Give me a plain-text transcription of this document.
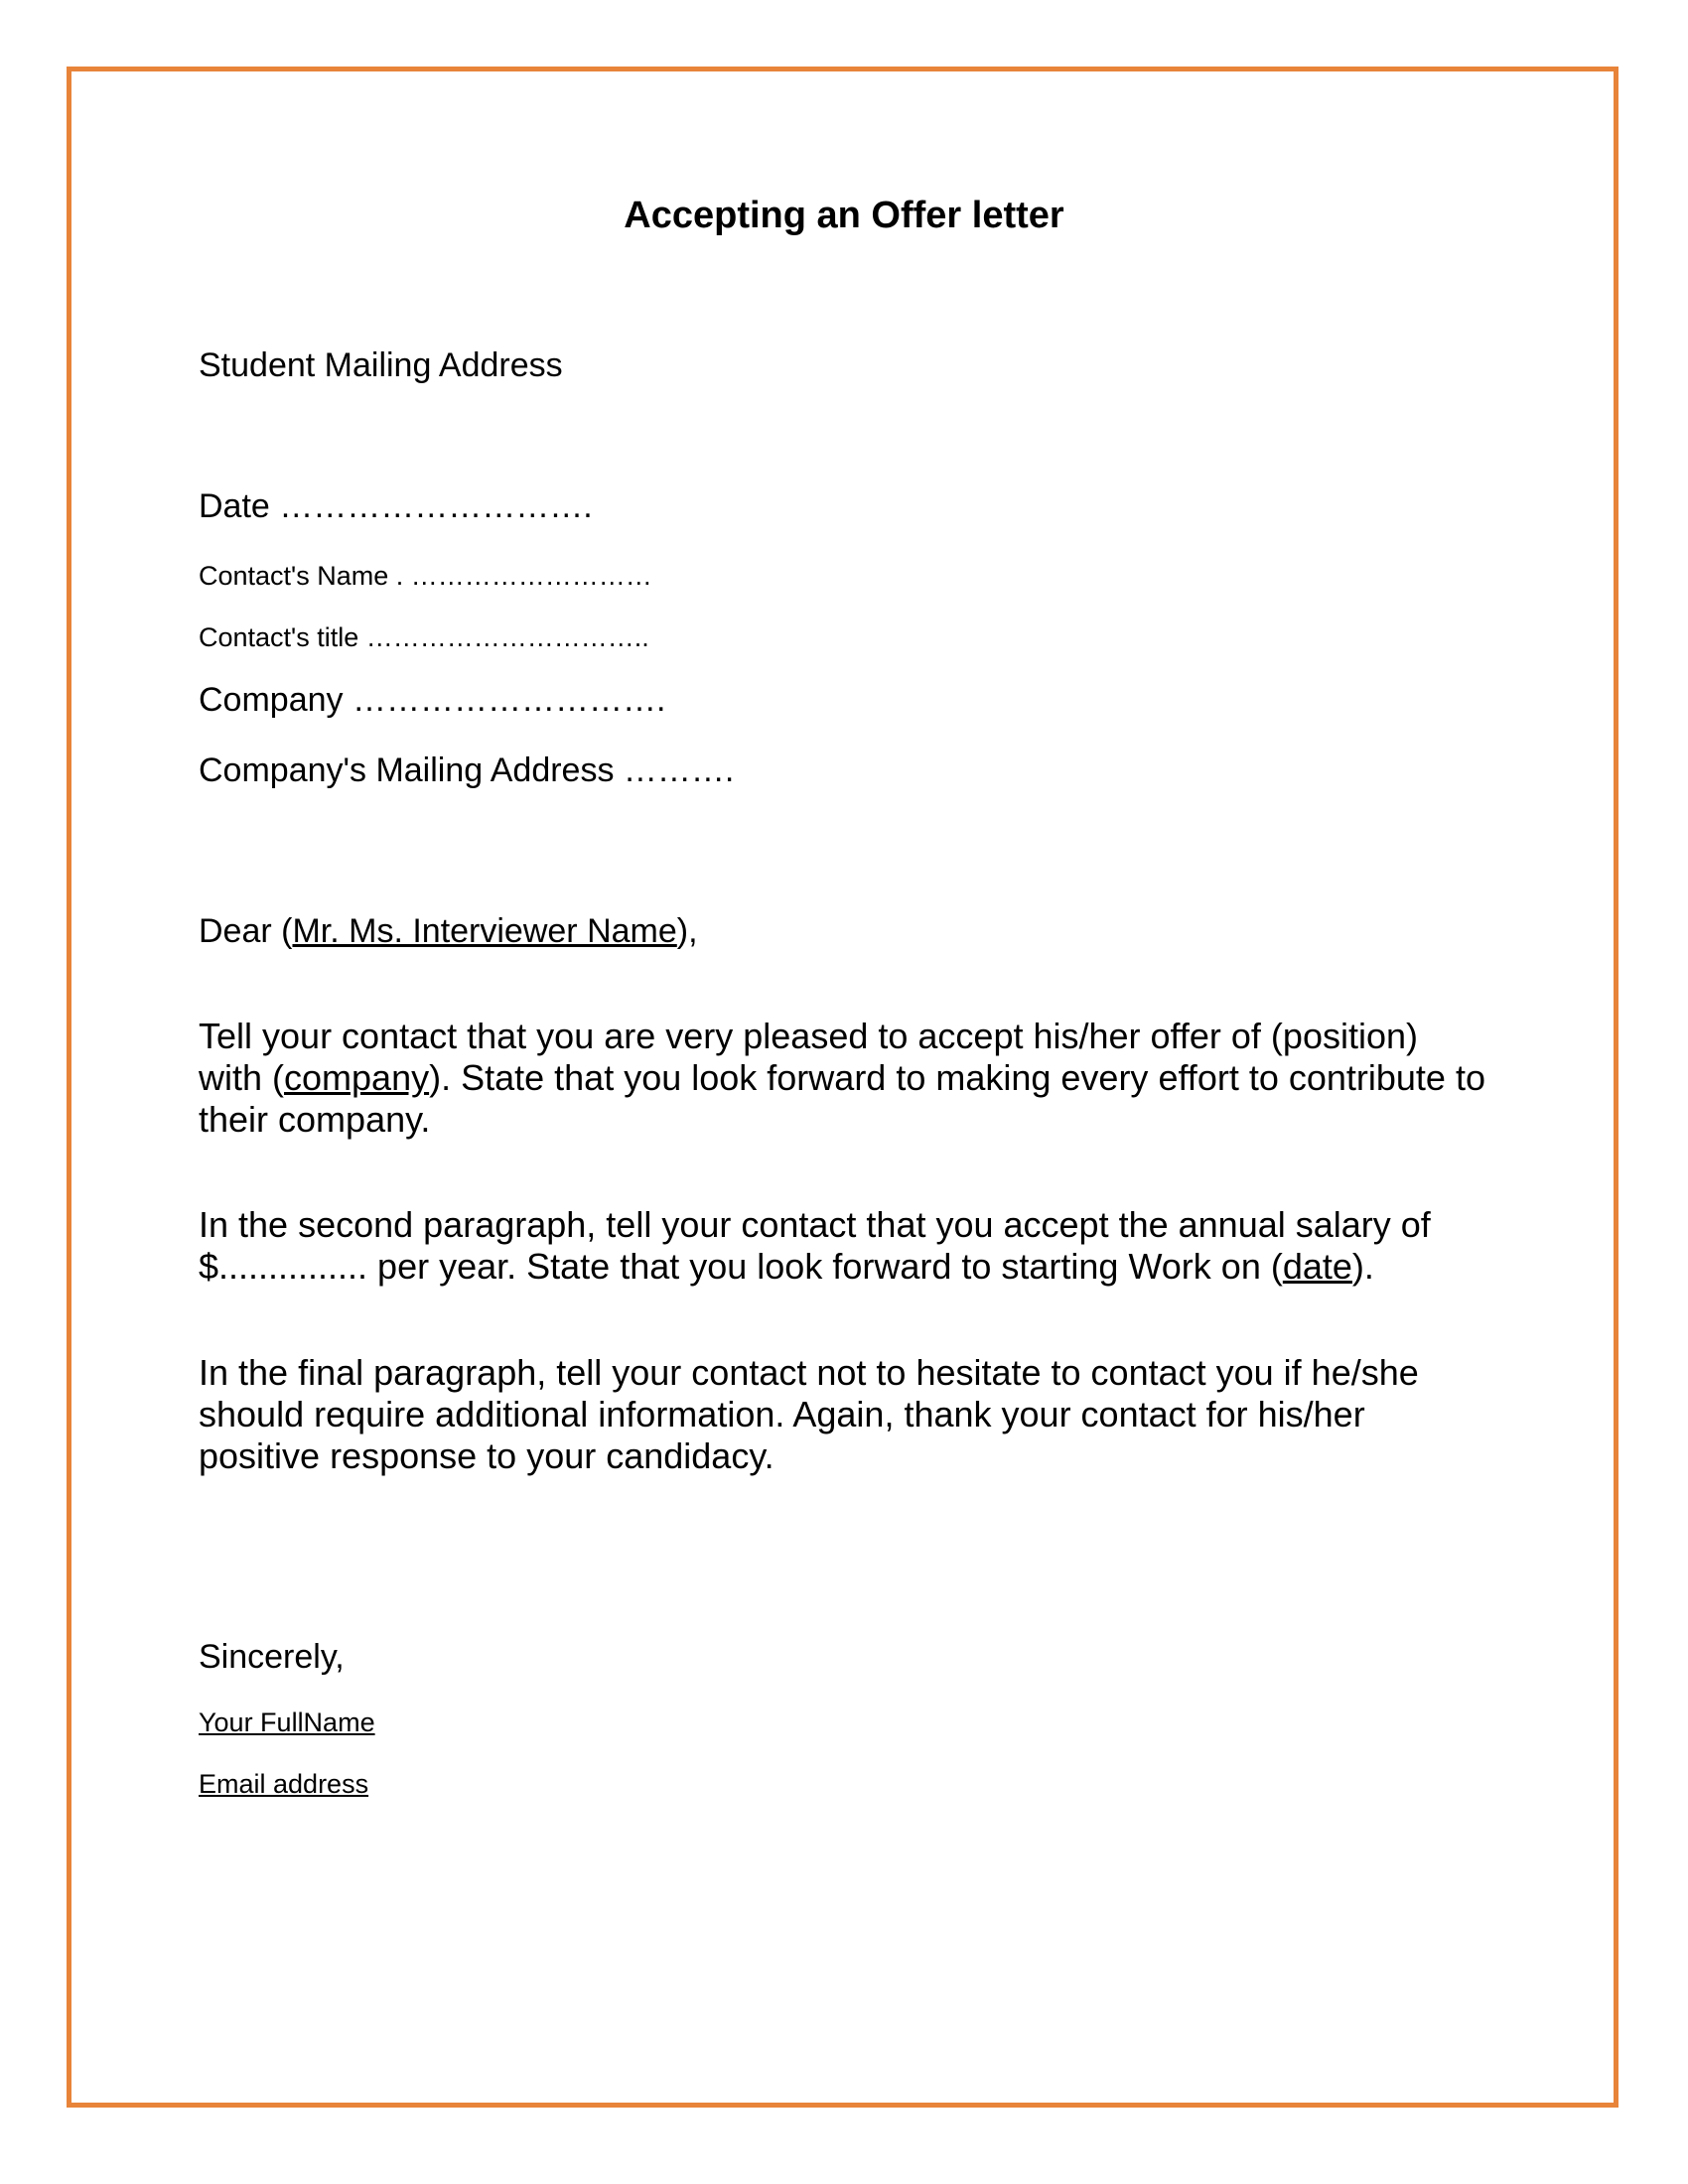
Accepting an Offer letter
Student Mailing Address
Date ……………………….
Contact's Name . ………………………
Contact's title …………………………..
Company ……………………….
Company's Mailing Address ……….
Dear (Mr. Ms. Interviewer Name),
Tell your contact that you are very pleased to accept his/her offer of (position) with (company). State that you look forward to making every effort to contribute to their company.
In the second paragraph, tell your contact that you accept the annual salary of $............... per year. State that you look forward to starting Work on (date).
In the final paragraph, tell your contact not to hesitate to contact you if he/she should require additional information. Again, thank your contact for his/her positive response to your candidacy.
Sincerely,
Your FullName
Email address
